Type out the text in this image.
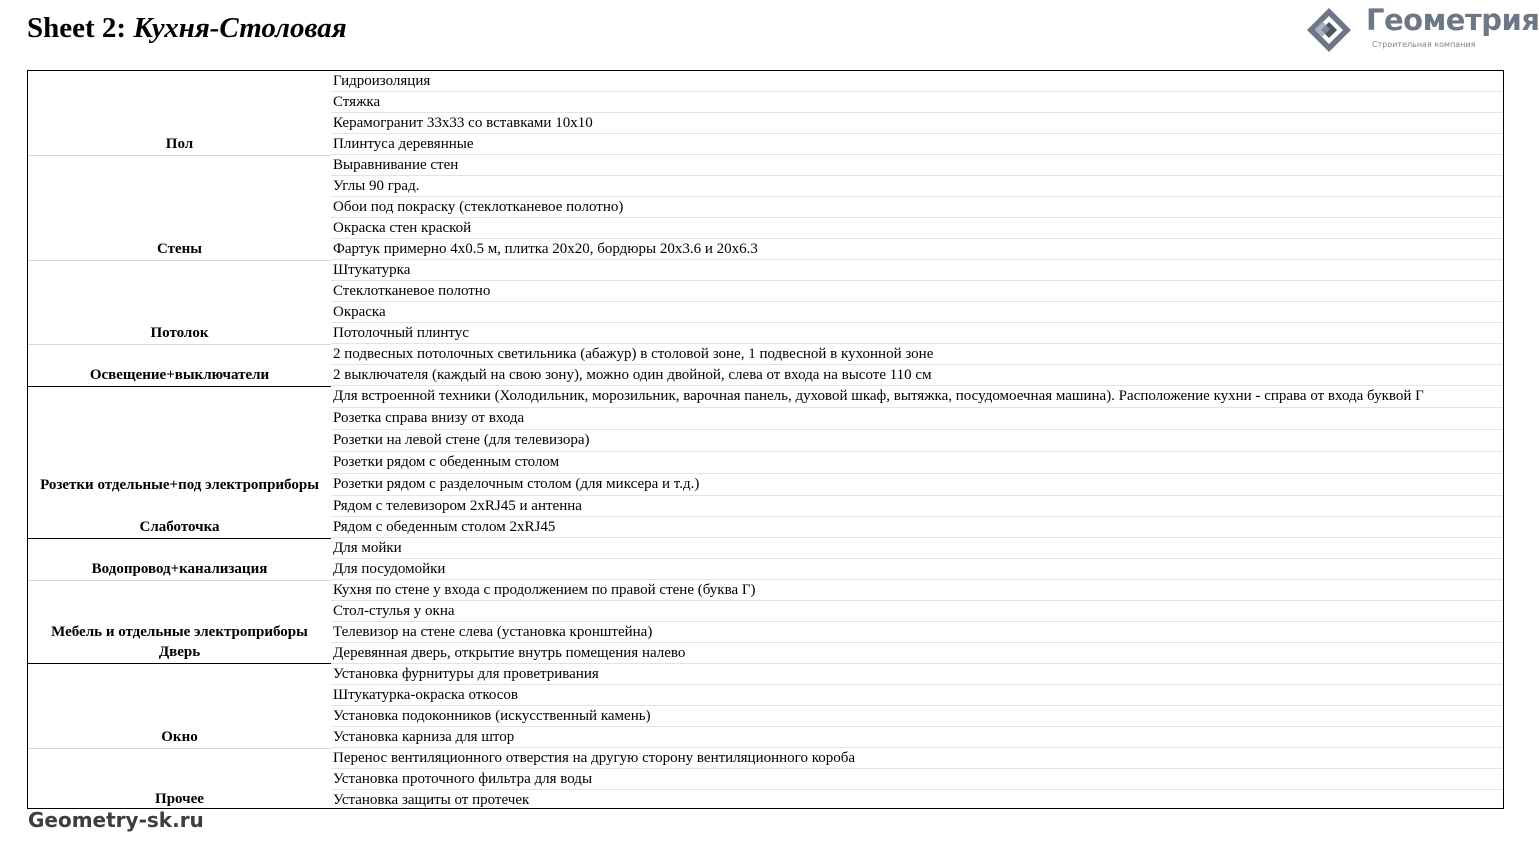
Sheet 2: Кухня-Столовая	Геометрия
Строительная компания
Пол
Стены
Потолок
Освещение+выключатели
Розетки отдельные+под электроприборы
Слаботочка
Водопровод+канализация
Мебель и отдельные электроприборы
Дверь
Окно
Прочее
Гидроизоляция
Стяжка
Керамогранит 33х33 со вставками 10х10
Плинтуса деревянные
Выравнивание стен
Углы 90 град.
Обои под покраску (стеклотканевое полотно)
Окраска стен краской
Фартук примерно 4х0.5 м, плитка 20х20, бордюры 20х3.6 и 20х6.3
Штукатурка
Стеклотканевое полотно
Окраска
Потолочный плинтус
2 подвесных потолочных светильника (абажур) в столовой зоне, 1 подвесной в кухонной зоне
2 выключателя (каждый на свою зону), можно один двойной, слева от входа на высоте 110 см
Для встроенной техники (Холодильник, морозильник, варочная панель, духовой шкаф, вытяжка, посудомоечная машина). Расположение кухни - справа от входа буквой Г
Розетка справа внизу от входа
Розетки на левой стене (для телевизора)
Розетки рядом с обеденным столом
Розетки рядом с разделочным столом (для миксера и т.д.)
Рядом с телевизором 2хRJ45 и антенна
Рядом с обеденным столом 2хRJ45
Для мойки
Для посудомойки
Кухня по стене у входа с продолжением по правой стене (буква Г)
Стол-стулья у окна
Телевизор на стене слева (установка кронштейна)
Деревянная дверь, открытие внутрь помещения налево
Установка фурнитуры для проветривания
Штукатурка-окраска откосов
Установка подоконников (искусственный камень)
Установка карниза для штор
Перенос вентиляционного отверстия на другую сторону вентиляционного короба
Установка проточного фильтра для воды
Установка защиты от протечек
Geometry-sk.ru
